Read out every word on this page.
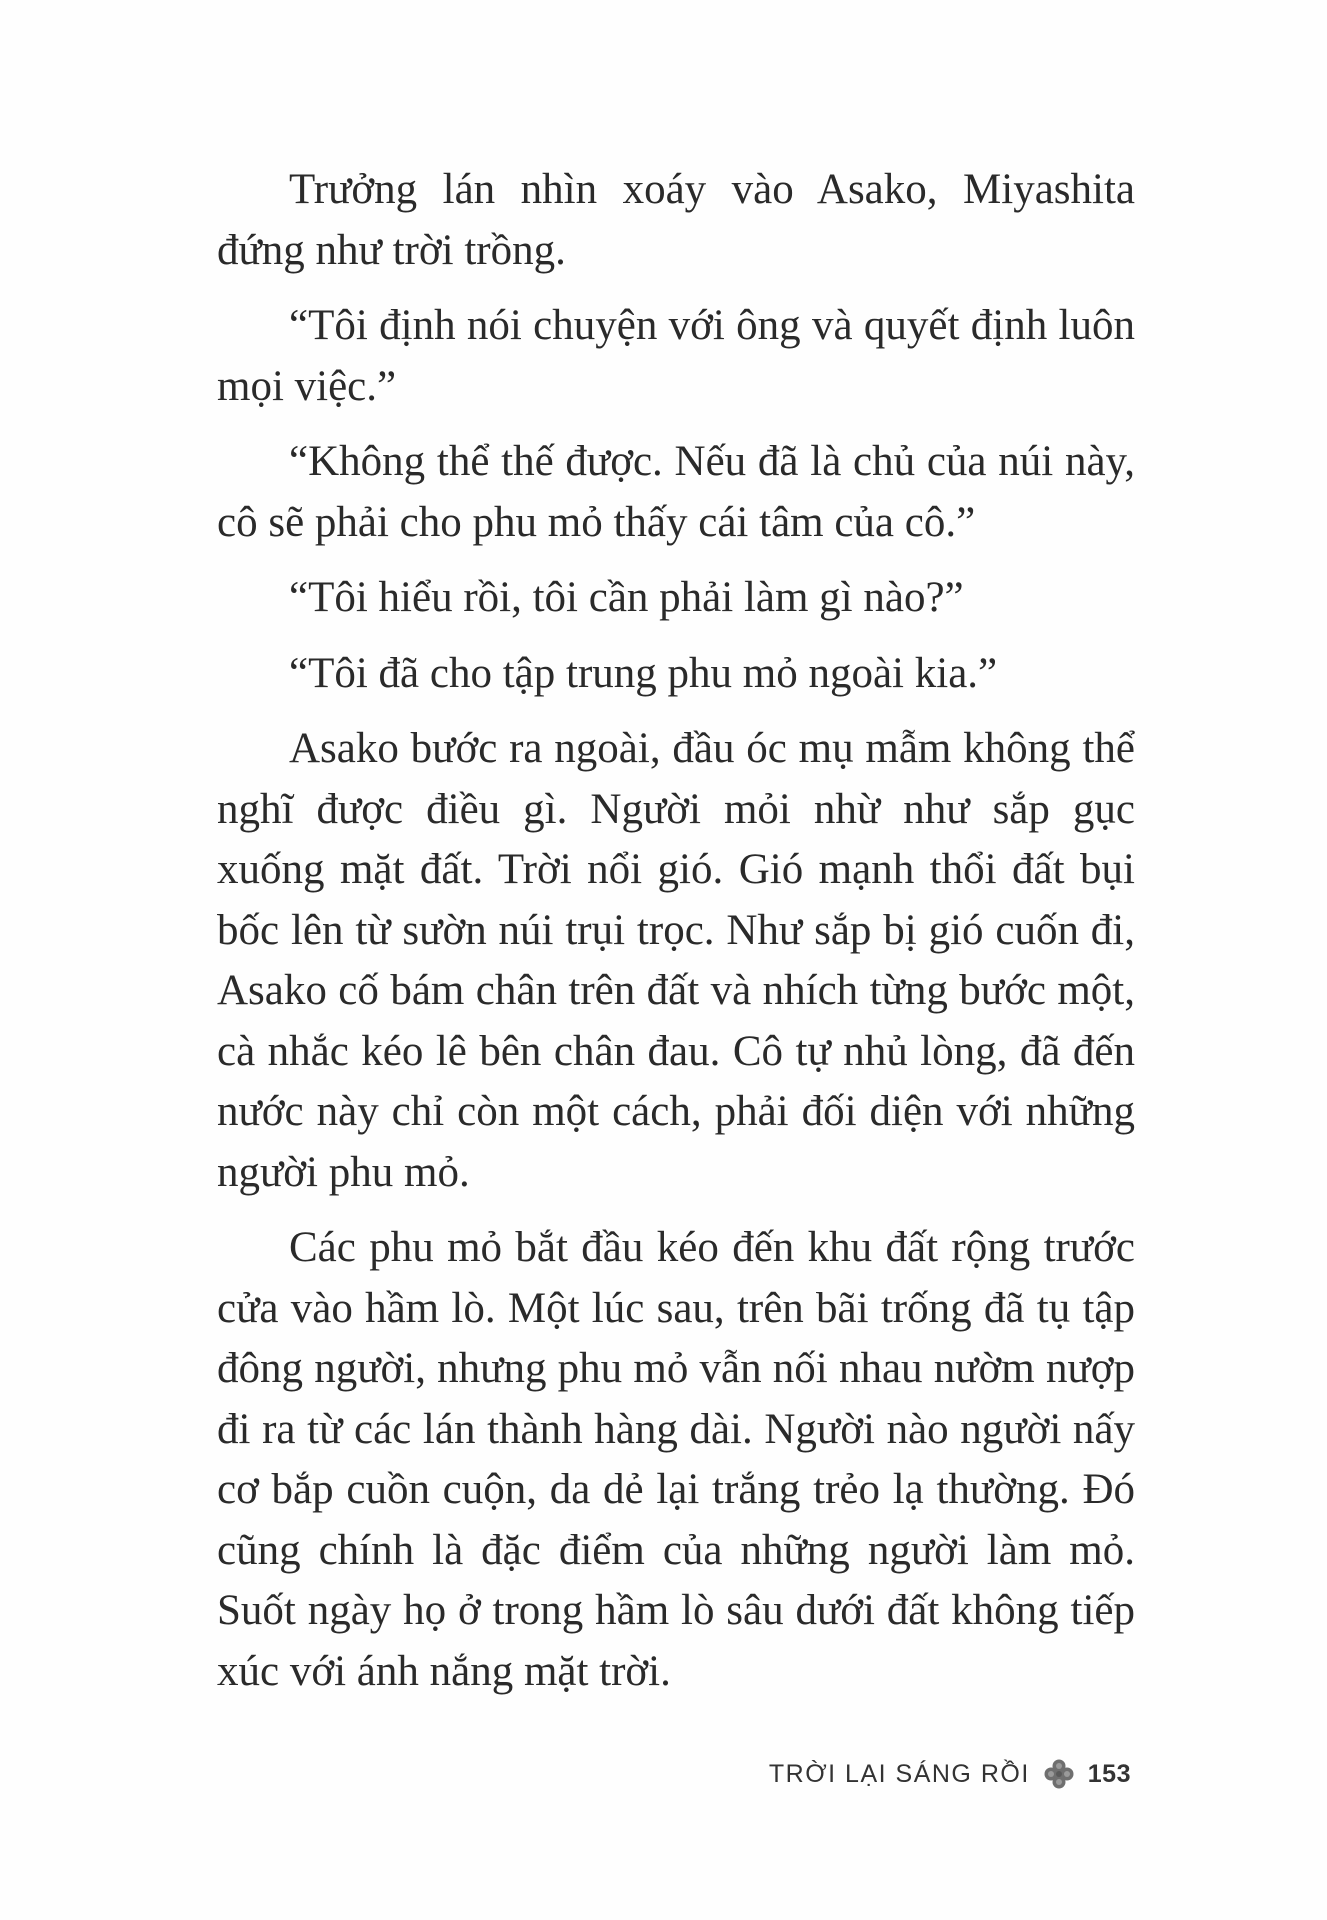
Trưởng lán nhìn xoáy vào Asako, Miyashita đứng như trời trồng.

“Tôi định nói chuyện với ông và quyết định luôn mọi việc.”

“Không thể thế được. Nếu đã là chủ của núi này, cô sẽ phải cho phu mỏ thấy cái tâm của cô.”

“Tôi hiểu rồi, tôi cần phải làm gì nào?”

“Tôi đã cho tập trung phu mỏ ngoài kia.”

Asako bước ra ngoài, đầu óc mụ mẫm không thể nghĩ được điều gì. Người mỏi nhừ như sắp gục xuống mặt đất. Trời nổi gió. Gió mạnh thổi đất bụi bốc lên từ sườn núi trụi trọc. Như sắp bị gió cuốn đi, Asako cố bám chân trên đất và nhích từng bước một, cà nhắc kéo lê bên chân đau. Cô tự nhủ lòng, đã đến nước này chỉ còn một cách, phải đối diện với những người phu mỏ.

Các phu mỏ bắt đầu kéo đến khu đất rộng trước cửa vào hầm lò. Một lúc sau, trên bãi trống đã tụ tập đông người, nhưng phu mỏ vẫn nối nhau nườm nượp đi ra từ các lán thành hàng dài. Người nào người nấy cơ bắp cuồn cuộn, da dẻ lại trắng trẻo lạ thường. Đó cũng chính là đặc điểm của những người làm mỏ. Suốt ngày họ ở trong hầm lò sâu dưới đất không tiếp xúc với ánh nắng mặt trời.

TRỜI LẠI SÁNG RỒI 153
